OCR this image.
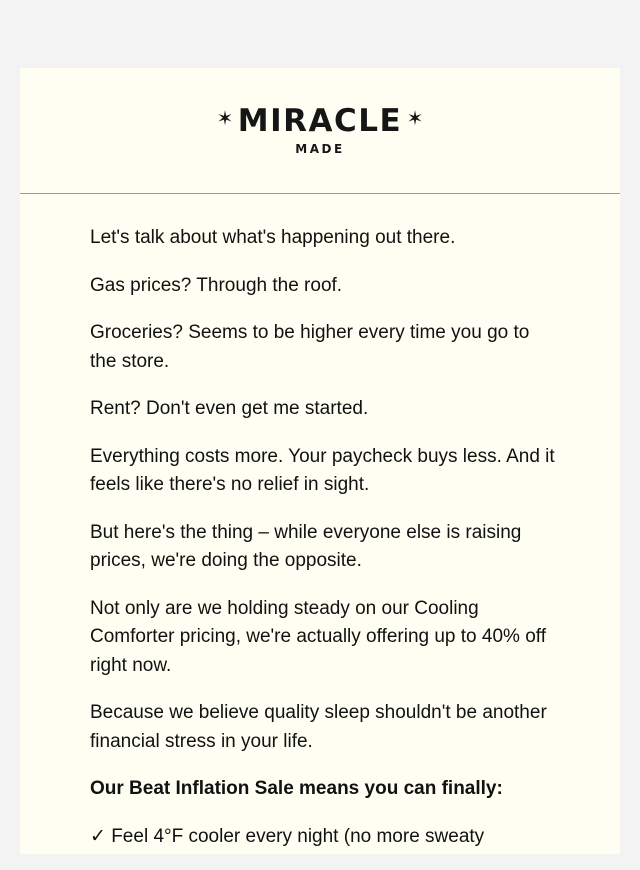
✶ MIRACLE ✶
MADE

Let's talk about what's happening out there.

Gas prices? Through the roof.

Groceries? Seems to be higher every time you go to the store.

Rent? Don't even get me started.

Everything costs more. Your paycheck buys less. And it feels like there's no relief in sight.

But here's the thing – while everyone else is raising prices, we're doing the opposite.

Not only are we holding steady on our Cooling Comforter pricing, we're actually offering up to 40% off right now.

Because we believe quality sleep shouldn't be another financial stress in your life.

Our Beat Inflation Sale means you can finally:

✓ Feel 4°F cooler every night (no more sweaty
